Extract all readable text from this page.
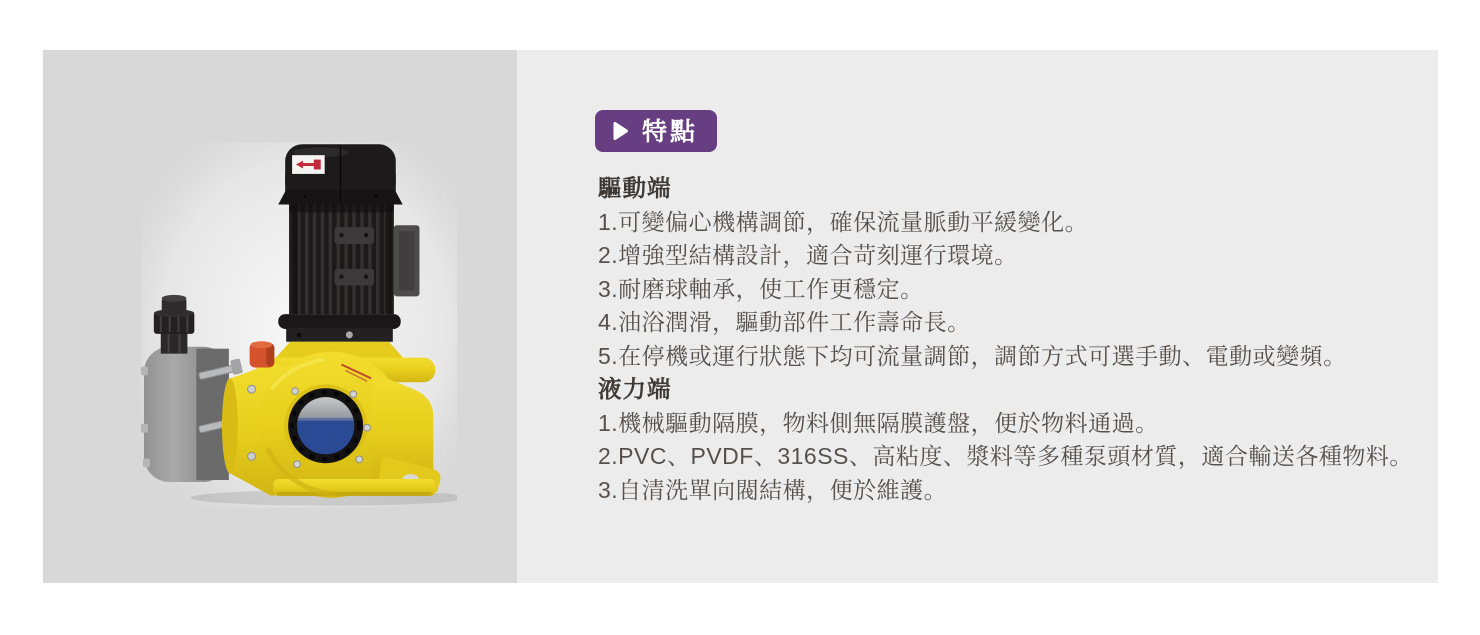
特點
驅動端
1.可變偏心機構調節，確保流量脈動平緩變化。
2.增強型結構設計，適合苛刻運行環境。
3.耐磨球軸承，使工作更穩定。
4.油浴潤滑，驅動部件工作壽命長。
5.在停機或運行狀態下均可流量調節，調節方式可選手動、電動或變頻。
液力端
1.機械驅動隔膜，物料側無隔膜護盤，便於物料通過。
2.PVC、PVDF、316SS、高粘度、漿料等多種泵頭材質，適合輸送各種物料。
3.自清洗單向閥結構，便於維護。
